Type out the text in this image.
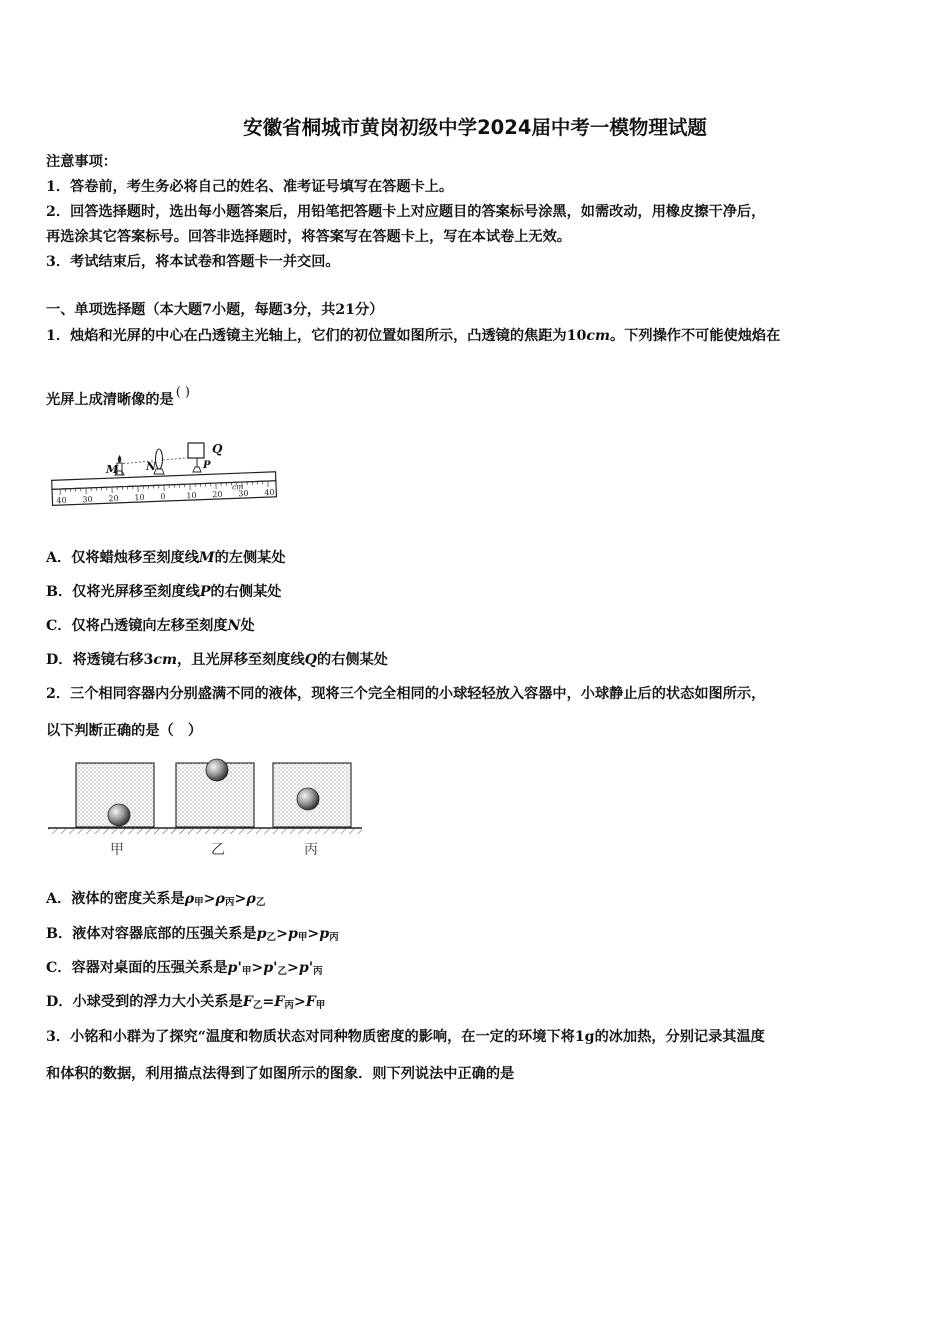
安徽省桐城市黄岗初级中学2024届中考一模物理试题
注意事项：
1．答卷前，考生务必将自己的姓名、准考证号填写在答题卡上。
2．回答选择题时，选出每小题答案后，用铅笔把答题卡上对应题目的答案标号涂黑，如需改动，用橡皮擦干净后，
再选涂其它答案标号。回答非选择题时，将答案写在答题卡上，写在本试卷上无效。
3．考试结束后，将本试卷和答题卡一并交回。
一、单项选择题（本大题7小题，每题3分，共21分）
1．烛焰和光屏的中心在凸透镜主光轴上，它们的初位置如图所示，凸透镜的焦距为10cm。下列操作不可能使烛焰在
光屏上成清晰像的是 ( )
40 30 20 10 0	10 20 30 40
cm
M	N	P
Q
A．仅将蜡烛移至刻度线M的左侧某处
B．仅将光屏移至刻度线P的右侧某处
C．仅将凸透镜向左移至刻度N处
D．将透镜右移3cm，且光屏移至刻度线Q的右侧某处
2．三个相同容器内分别盛满不同的液体，现将三个完全相同的小球轻轻放入容器中，小球静止后的状态如图所示，
以下判断正确的是（　）
甲	乙	丙
A．液体的密度关系是$\rho_甲>\rho_丙>\rho_乙$
B．液体对容器底部的压强关系是$p_乙>p_甲>p_丙$
C．容器对桌面的压强关系是$p'_甲>p'_乙>p'_丙$
D．小球受到的浮力大小关系是$F_乙=F_丙>F_甲$
3．小铭和小群为了探究“温度和物质状态对同种物质密度的影响，在一定的环境下将1g的冰加热，分别记录其温度
和体积的数据，利用描点法得到了如图所示的图象．则下列说法中正确的是
